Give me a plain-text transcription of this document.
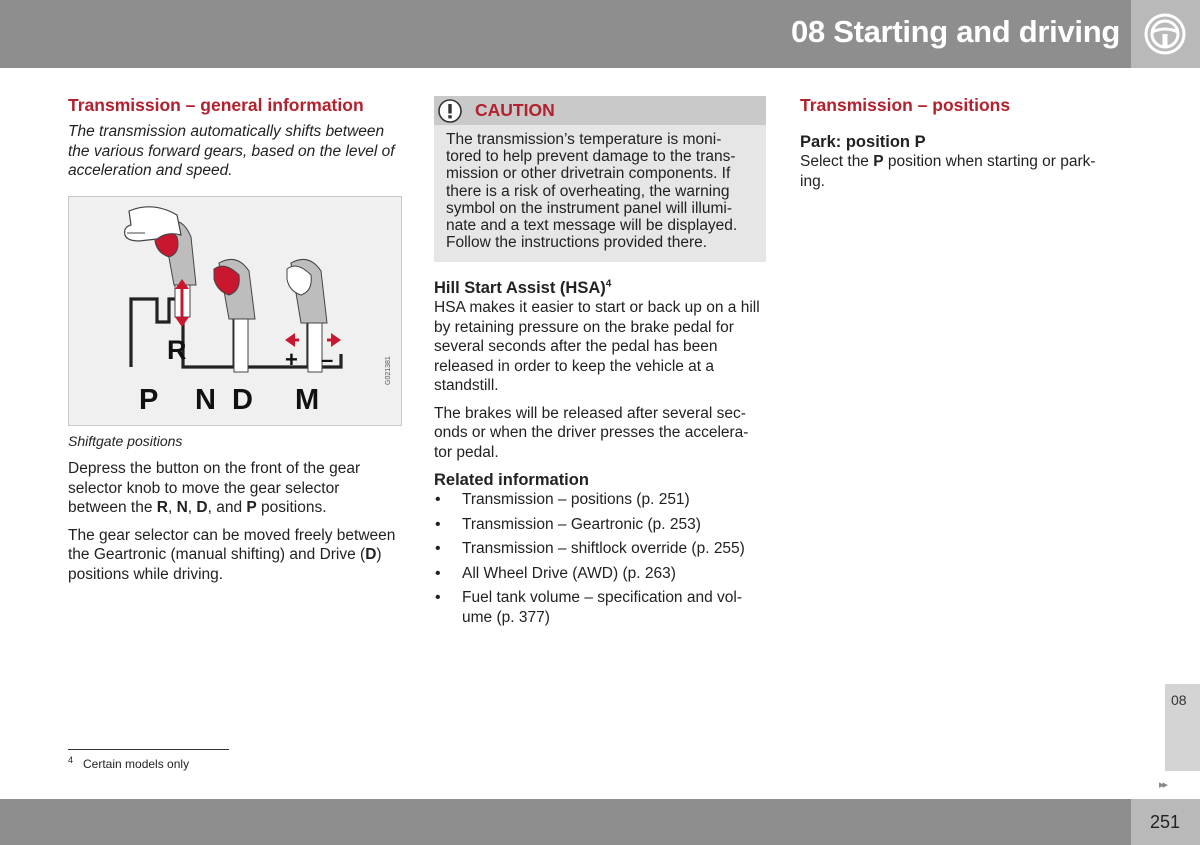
08 Starting and driving
Transmission – general information

The transmission automatically shifts between the various forward gears, based on the level of acceleration and speed.

R	+ –
P N D M
G021381
Shiftgate positions

Depress the button on the front of the gear selector knob to move the gear selector between the R, N, D, and P positions.

The gear selector can be moved freely between the Geartronic (manual shifting) and Drive (D) positions while driving.

CAUTION
The transmission’s temperature is moni-tored to help prevent damage to the trans-mission or other drivetrain components. If there is a risk of overheating, the warning symbol on the instrument panel will illumi-nate and a text message will be displayed. Follow the instructions provided there.
Hill Start Assist (HSA)$^4$

HSA makes it easier to start or back up on a hill by retaining pressure on the brake pedal for several seconds after the pedal has been released in order to keep the vehicle at a standstill.

The brakes will be released after several sec-onds or when the driver presses the accelera-tor pedal.

Related information
• Transmission – positions (p. 251)
• Transmission – Geartronic (p. 253)
• Transmission – shiftlock override (p. 255)
• All Wheel Drive (AWD) (p. 263)
• Fuel tank volume – specification and vol-ume (p. 377)
Transmission – positions
Park: position P

Select the P position when starting or park-ing.

$^4$ Certain models only
08
▸▸
251
